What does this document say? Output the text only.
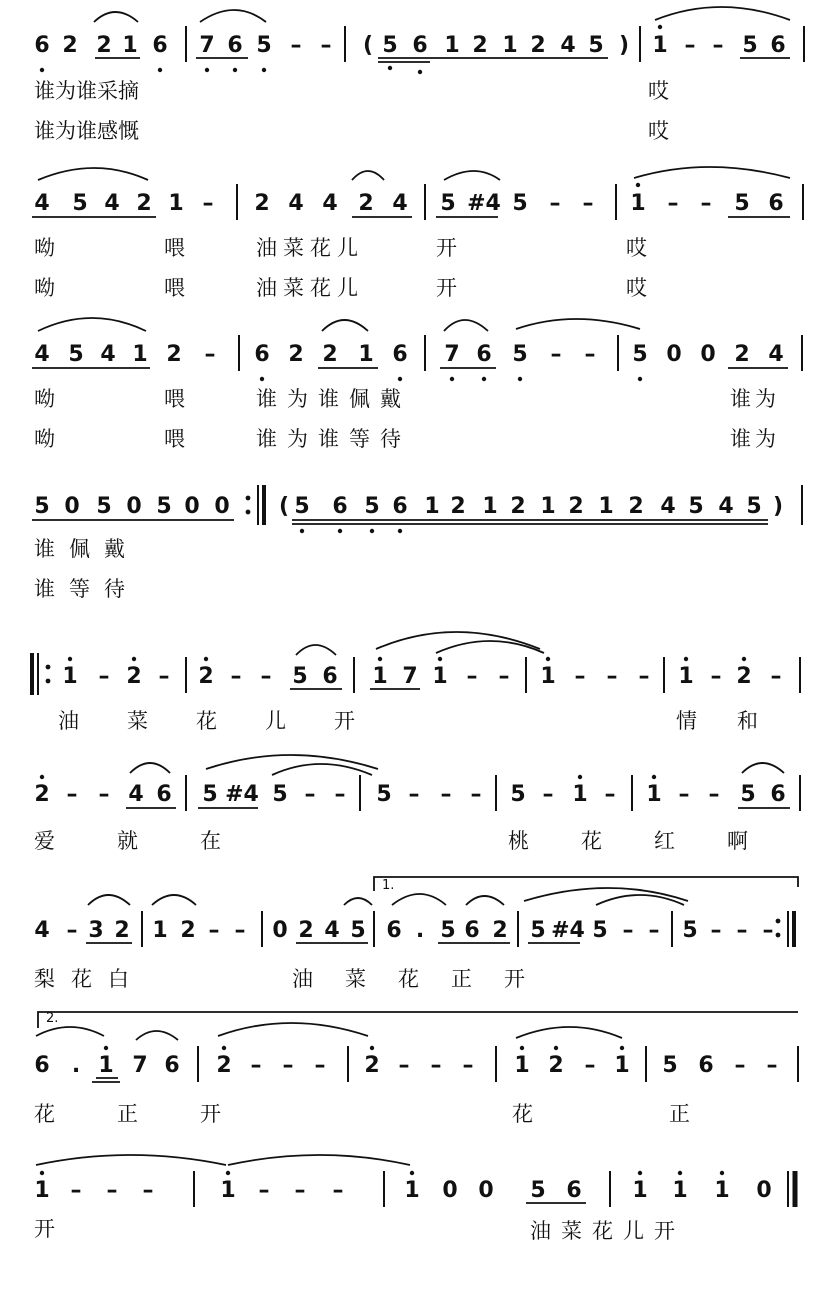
6 2 2 1 6 7 6 5 – – ( 5 6 1 2 1 2 4 5 ) 1 – – 5 6
谁为谁采摘	哎
谁为谁感慨	哎
4 5 4 2 1 – 2 4 4 2 4 5 #4 5 – – 1 – – 5 6
呦	喂	油菜花儿	开	哎
呦	喂	油菜花儿	开	哎
4 5 4 1 2 – 6 2 2 1 6 7 6 5 – – 5 0 0 2 4
呦	喂	谁为谁佩戴	谁为
呦	喂	谁为谁等待	谁为
5 0 5 0 5 0 0	5 6 5 6 1 2 1 2 1 2 1 2 4 5 4 5
(	)
谁佩戴
谁等待
1 – 2 – 2 – – 5 6 1 7 1 – – 1 – – – 1 – 2 –
油菜花儿开	情和
2 – – 4 6 5 #4 5 – – 5 – – – 5 – 1 – 1 – – 5 6
爱就在	桃花红啊
1.
4 – 3 2 1 2 – – 0 2 4 5 6 . 5 6 2 5 #4 5 – – 5 – – –
梨花白	油菜花正开
2.
6 . 1 7 6 2 – – – 2 – – – 1 2 – 1 5 6 – –
花正开	花正
1 – – –	1 – – –	1 0 0 5 6 1 1 1 0
开	油菜花儿开
